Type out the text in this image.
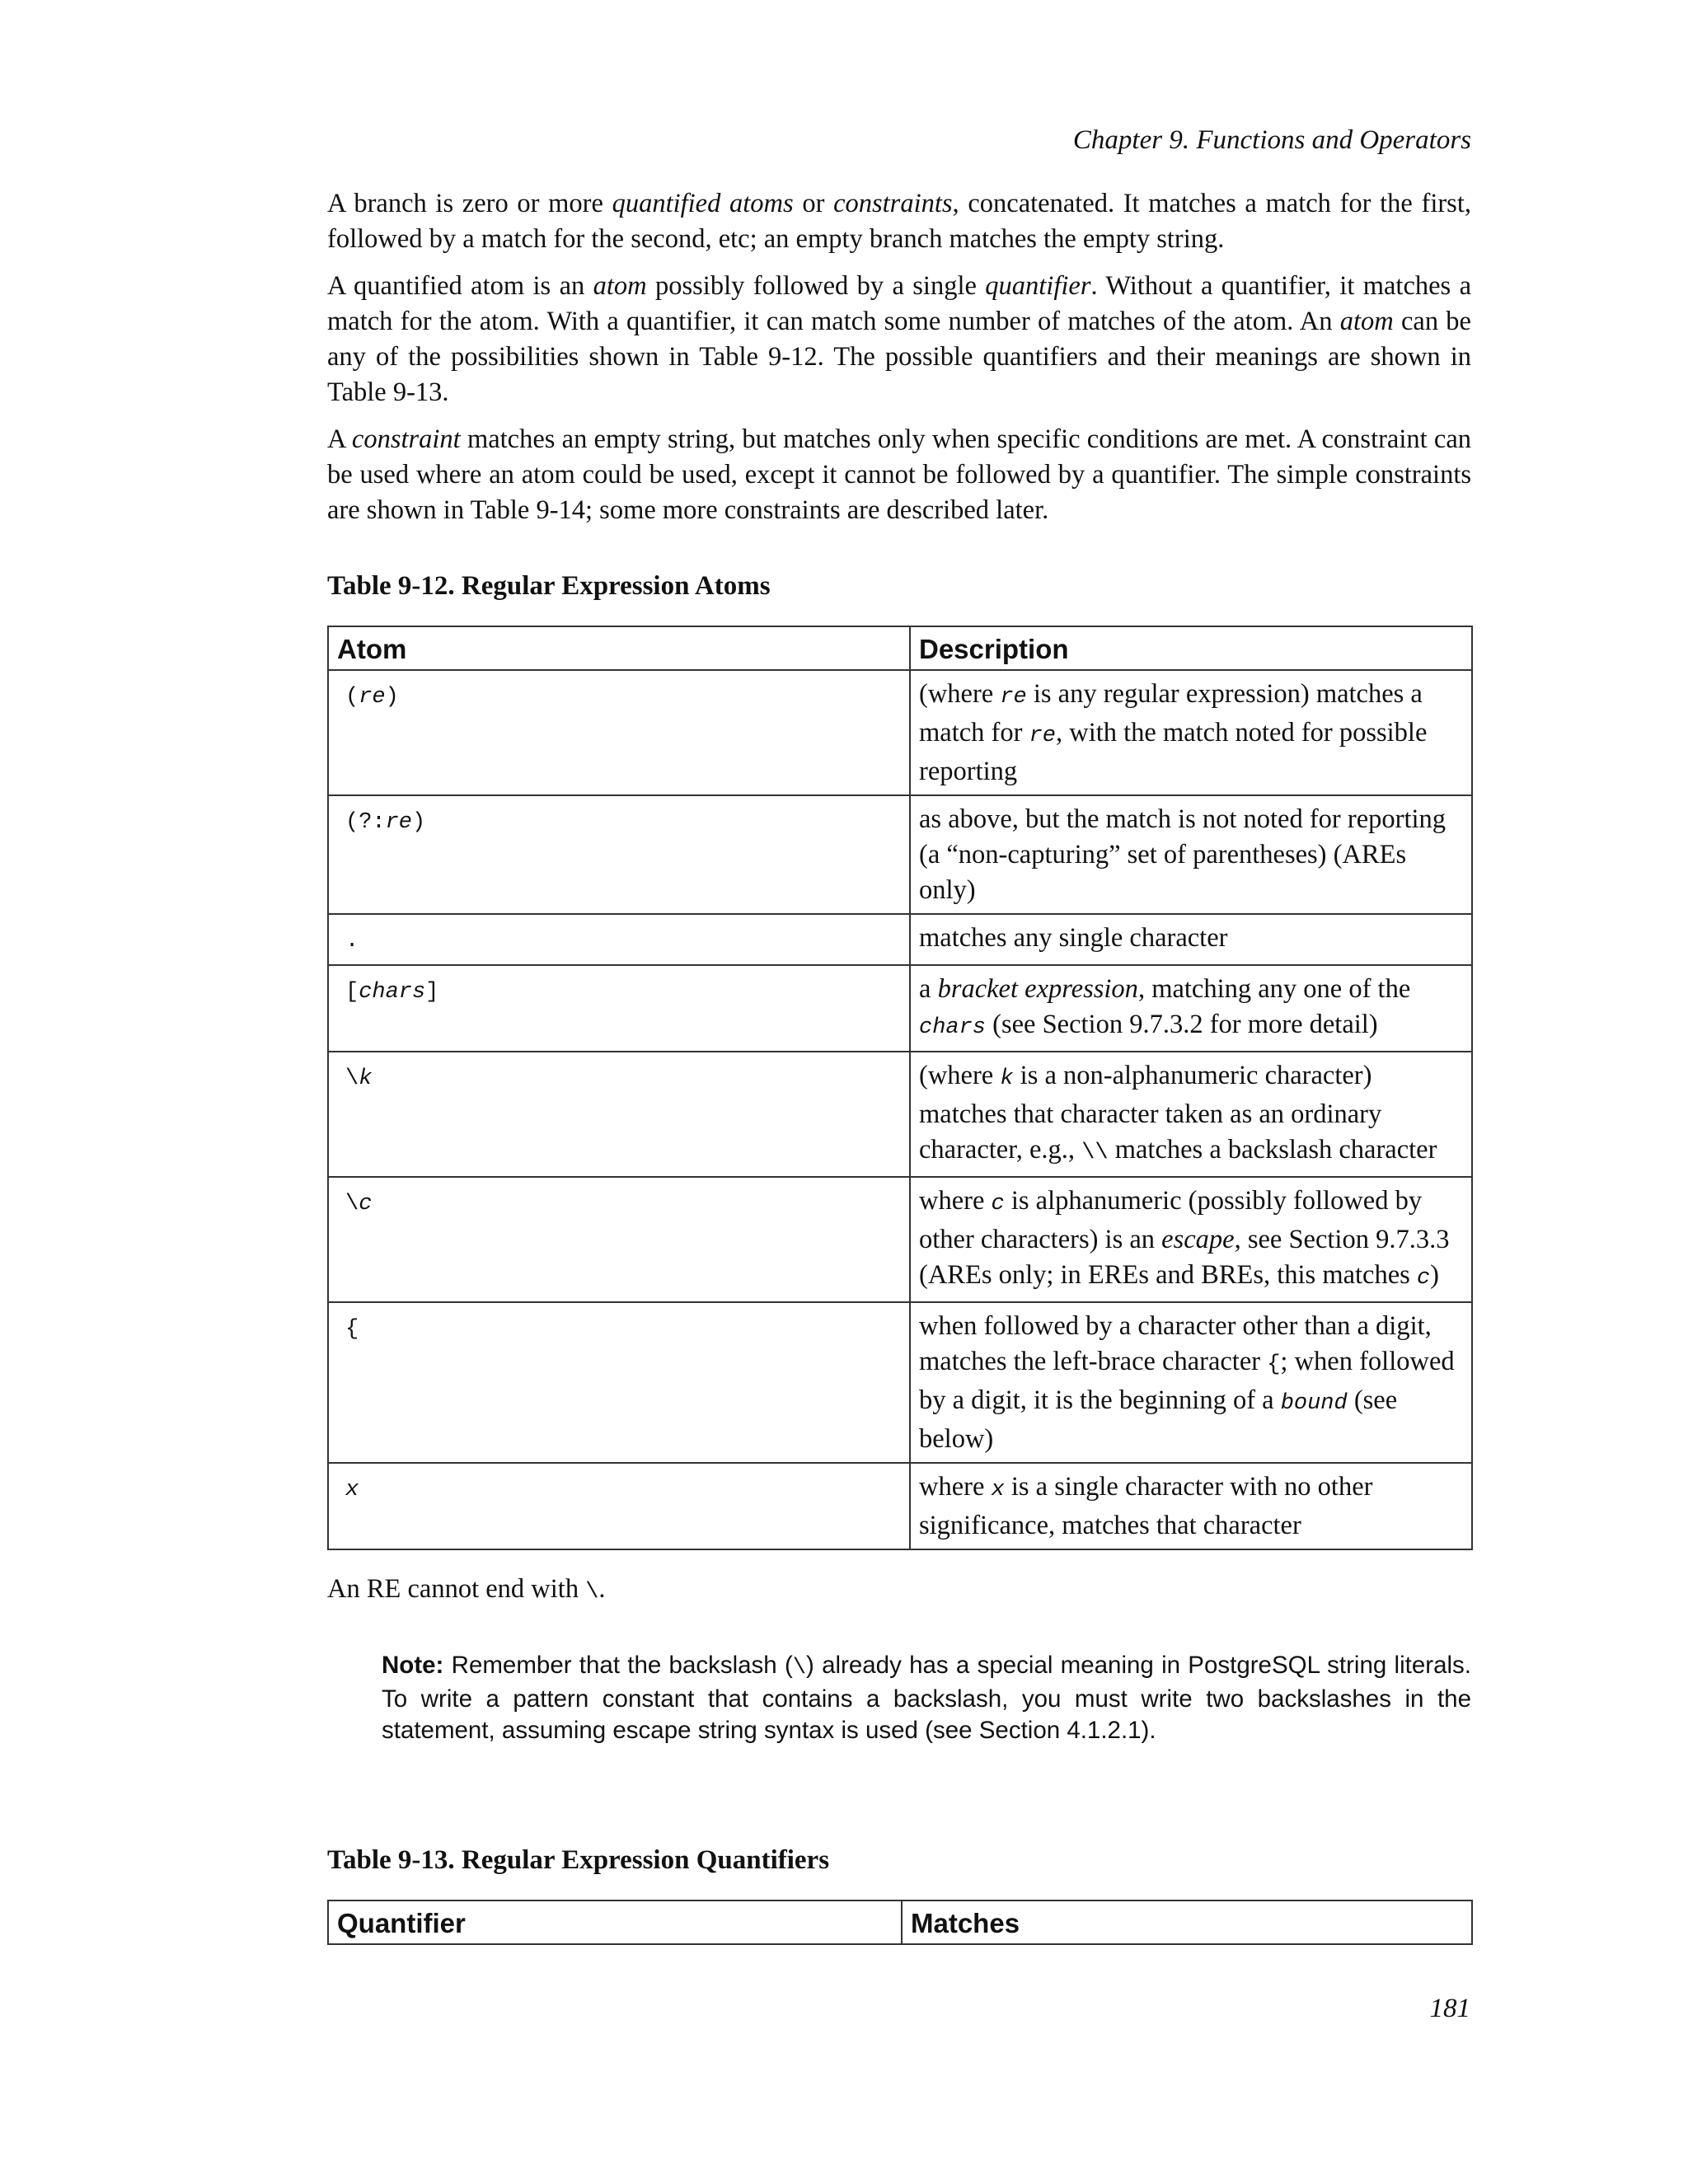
Chapter 9. Functions and Operators

A branch is zero or more quantified atoms or constraints, concatenated. It matches a match for the first, followed by a match for the second, etc; an empty branch matches the empty string.

A quantified atom is an atom possibly followed by a single quantifier. Without a quantifier, it matches a match for the atom. With a quantifier, it can match some number of matches of the atom. An atom can be any of the possibilities shown in Table 9-12. The possible quantifiers and their meanings are shown in Table 9-13.

A constraint matches an empty string, but matches only when specific conditions are met. A constraint can be used where an atom could be used, except it cannot be followed by a quantifier. The simple constraints are shown in Table 9-14; some more constraints are described later.

Table 9-12. Regular Expression Atoms
Atom	Description
(re)	(where re is any regular expression) matches a match for re, with the match noted for possible reporting
(?:re)	as above, but the match is not noted for reporting (a “non-capturing” set of parentheses) (AREs only)
.	matches any single character
[chars]	a bracket expression, matching any one of the chars (see Section 9.7.3.2 for more detail)
\k	(where k is a non-alphanumeric character) matches that character taken as an ordinary character, e.g., \\ matches a backslash character
\c	where c is alphanumeric (possibly followed by other characters) is an escape, see Section 9.7.3.3 (AREs only; in EREs and BREs, this matches c)
{	when followed by a character other than a digit, matches the left-brace character {; when followed by a digit, it is the beginning of a bound (see below)
x	where x is a single character with no other significance, matches that character

An RE cannot end with \.

Note: Remember that the backslash (\) already has a special meaning in PostgreSQL string literals. To write a pattern constant that contains a backslash, you must write two backslashes in the statement, assuming escape string syntax is used (see Section 4.1.2.1).
Table 9-13. Regular Expression Quantifiers
Quantifier	Matches
181
